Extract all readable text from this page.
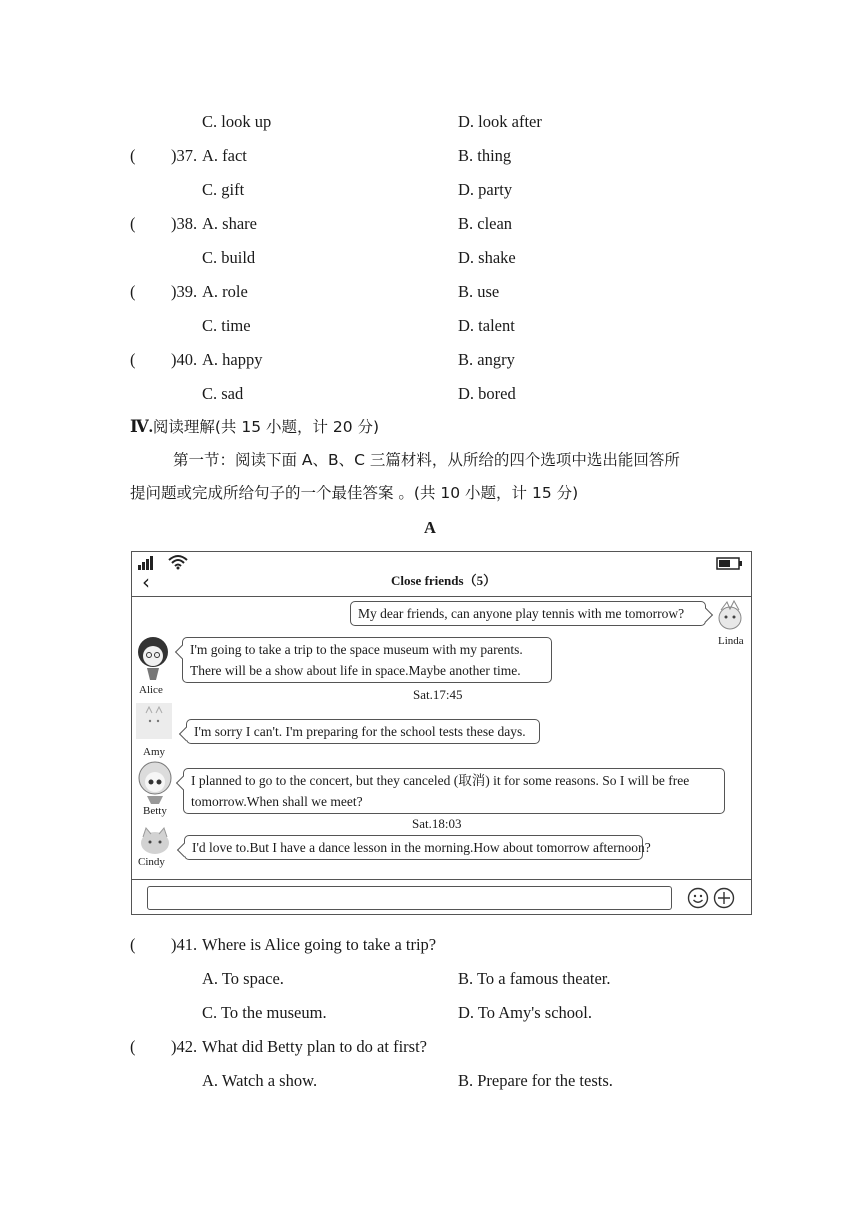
C. look up	D. look after
( )37. A. fact	B. thing
C. gift	D. party
( )38. A. share	B. clean
C. build	D. shake
( )39. A. role	B. use
C. time	D. talent
( )40. A. happy	B. angry
C. sad	D. bored
Ⅳ.阅读理解(共 15 小题，计 20 分)
第一节：阅读下面 A、B、C 三篇材料，从所给的四个选项中选出能回答所
提问题或完成所给句子的一个最佳答案 。(共 10 小题，计 15 分)
A
‹	Close friends（5）
My dear friends, can anyone play tennis with me tomorrow?
Linda
Alice
I'm going to take a trip to the space museum with my parents.
There will be a show about life in space.Maybe another time.
Sat.17:45
Amy
I'm sorry I can't. I'm preparing for the school tests these days.
Betty
I planned to go to the concert, but they canceled (取消) it for some reasons. So I will be free
tomorrow.When shall we meet?
Sat.18:03
Cindy
I'd love to.But I have a dance lesson in the morning.How about tomorrow afternoon?
( )41. Where is Alice going to take a trip?
A. To space.	B. To a famous theater.
C. To the museum.	D. To Amy's school.
( )42. What did Betty plan to do at first?
A. Watch a show.	B. Prepare for the tests.
